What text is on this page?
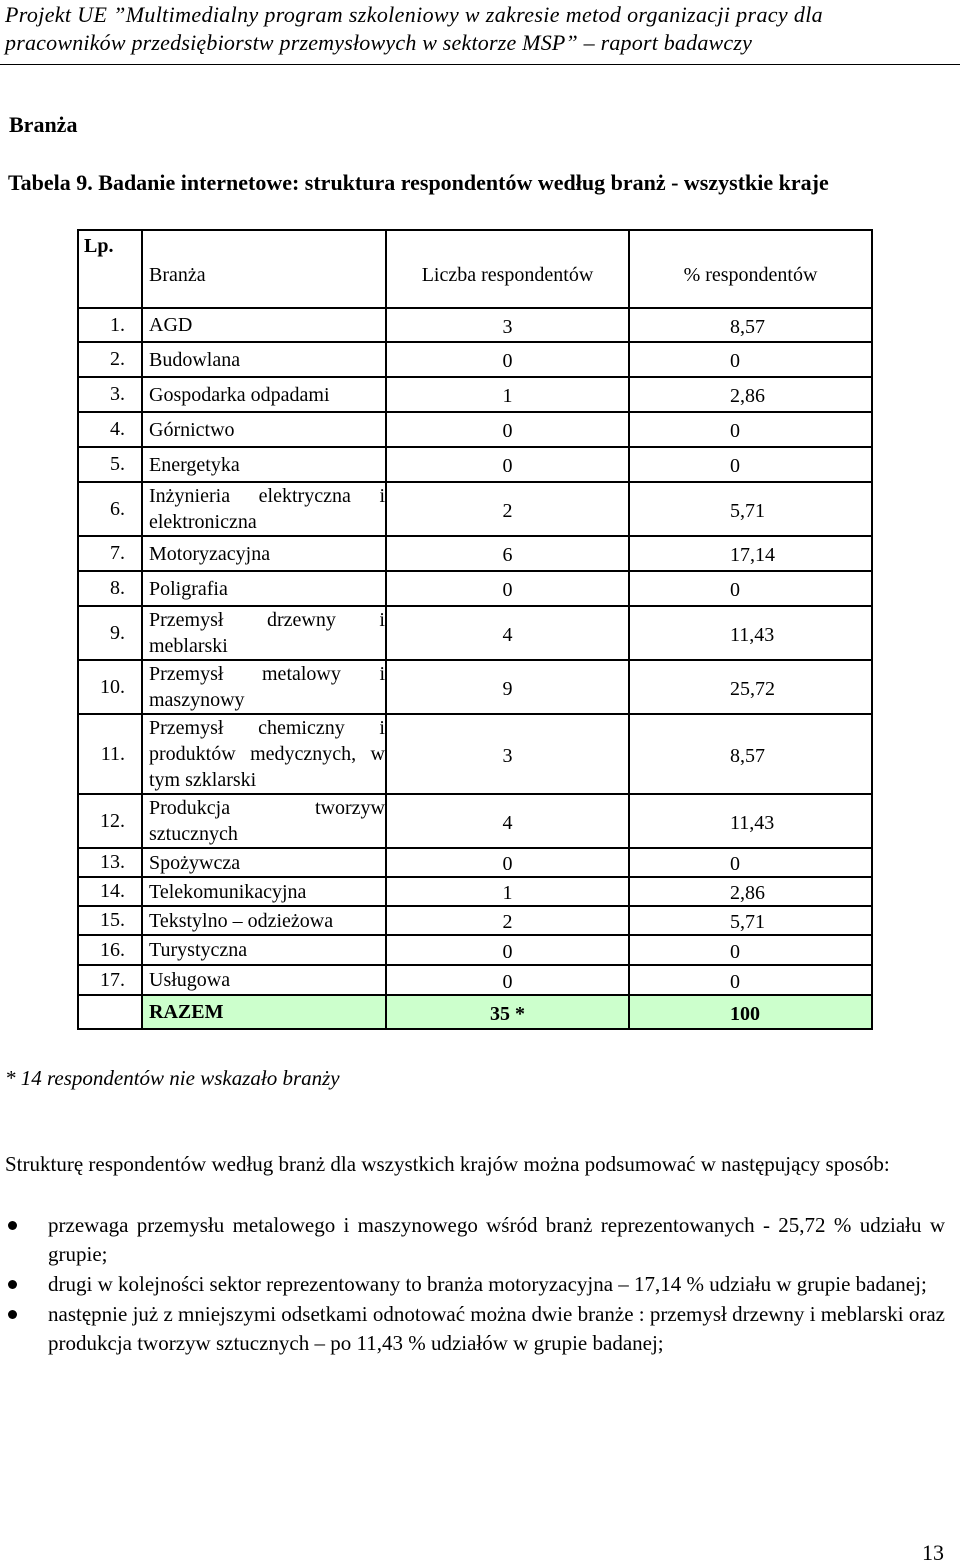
Projekt UE ”Multimedialny program szkoleniowy w zakresie metod organizacji pracy dla
pracowników przedsiębiorstw przemysłowych w sektorze MSP” – raport badawczy
Branża
Tabela 9. Badanie internetowe: struktura respondentów według branż - wszystkie kraje
Lp.	Branża	Liczba respondentów	% respondentów
1.	AGD	3	8,57
2.	Budowlana	0	0
3.	Gospodarka odpadami	1	2,86
4.	Górnictwo	0	0
5.	Energetyka	0	0
6.	Inżynieria elektryczna i elektroniczna	2	5,71
7.	Motoryzacyjna	6	17,14
8.	Poligrafia	0	0
9.	Przemysł drzewny i meblarski	4	11,43
10.	Przemysł metalowy i maszynowy	9	25,72
11.	Przemysł chemiczny i produktów medycznych, w tym szklarski	3	8,57
12.	Produkcja tworzyw sztucznych	4	11,43
13.	Spożywcza	0	0
14.	Telekomunikacyjna	1	2,86
15.	Tekstylno – odzieżowa	2	5,71
16.	Turystyczna	0	0
17.	Usługowa	0	0
	RAZEM	35 *	100
* 14 respondentów nie wskazało branży
Strukturę respondentów według branż dla wszystkich krajów można podsumować w następujący sposób:
przewaga przemysłu metalowego i maszynowego wśród branż reprezentowanych - 25,72 % udziału w grupie;
drugi w kolejności sektor reprezentowany to branża motoryzacyjna – 17,14 % udziału w grupie badanej;
następnie już z mniejszymi odsetkami odnotować można dwie branże : przemysł drzewny i meblarski oraz produkcja tworzyw sztucznych – po 11,43 % udziałów w grupie badanej;
13
